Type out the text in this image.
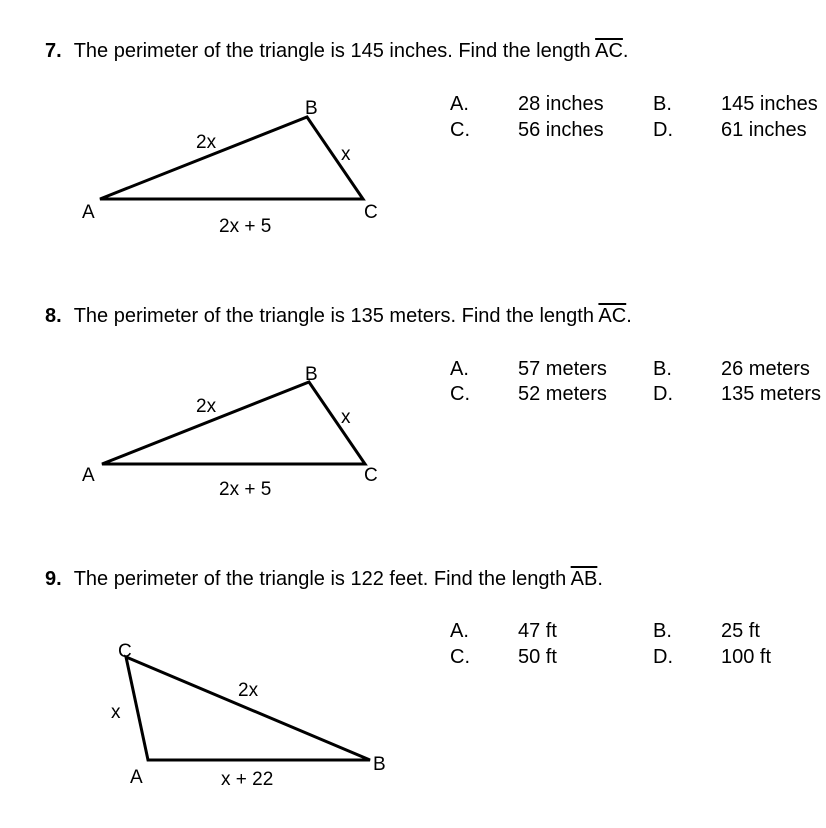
7. The perimeter of the triangle is 145 inches. Find the length $\overline{AC}$.
A
B
C
2x
x
2x + 5
A. 28 inches B. 145 inches
C. 56 inches D. 61 inches
8. The perimeter of the triangle is 135 meters. Find the length $\overline{AC}$.
A
B
C
2x
x
2x + 5
A. 57 meters B. 26 meters
C. 52 meters D. 135 meters
9. The perimeter of the triangle is 122 feet. Find the length $\overline{AB}$.
C
A
B
x
2x
x + 22
A. 47 ft	B. 25 ft
C. 50 ft	D. 100 ft
